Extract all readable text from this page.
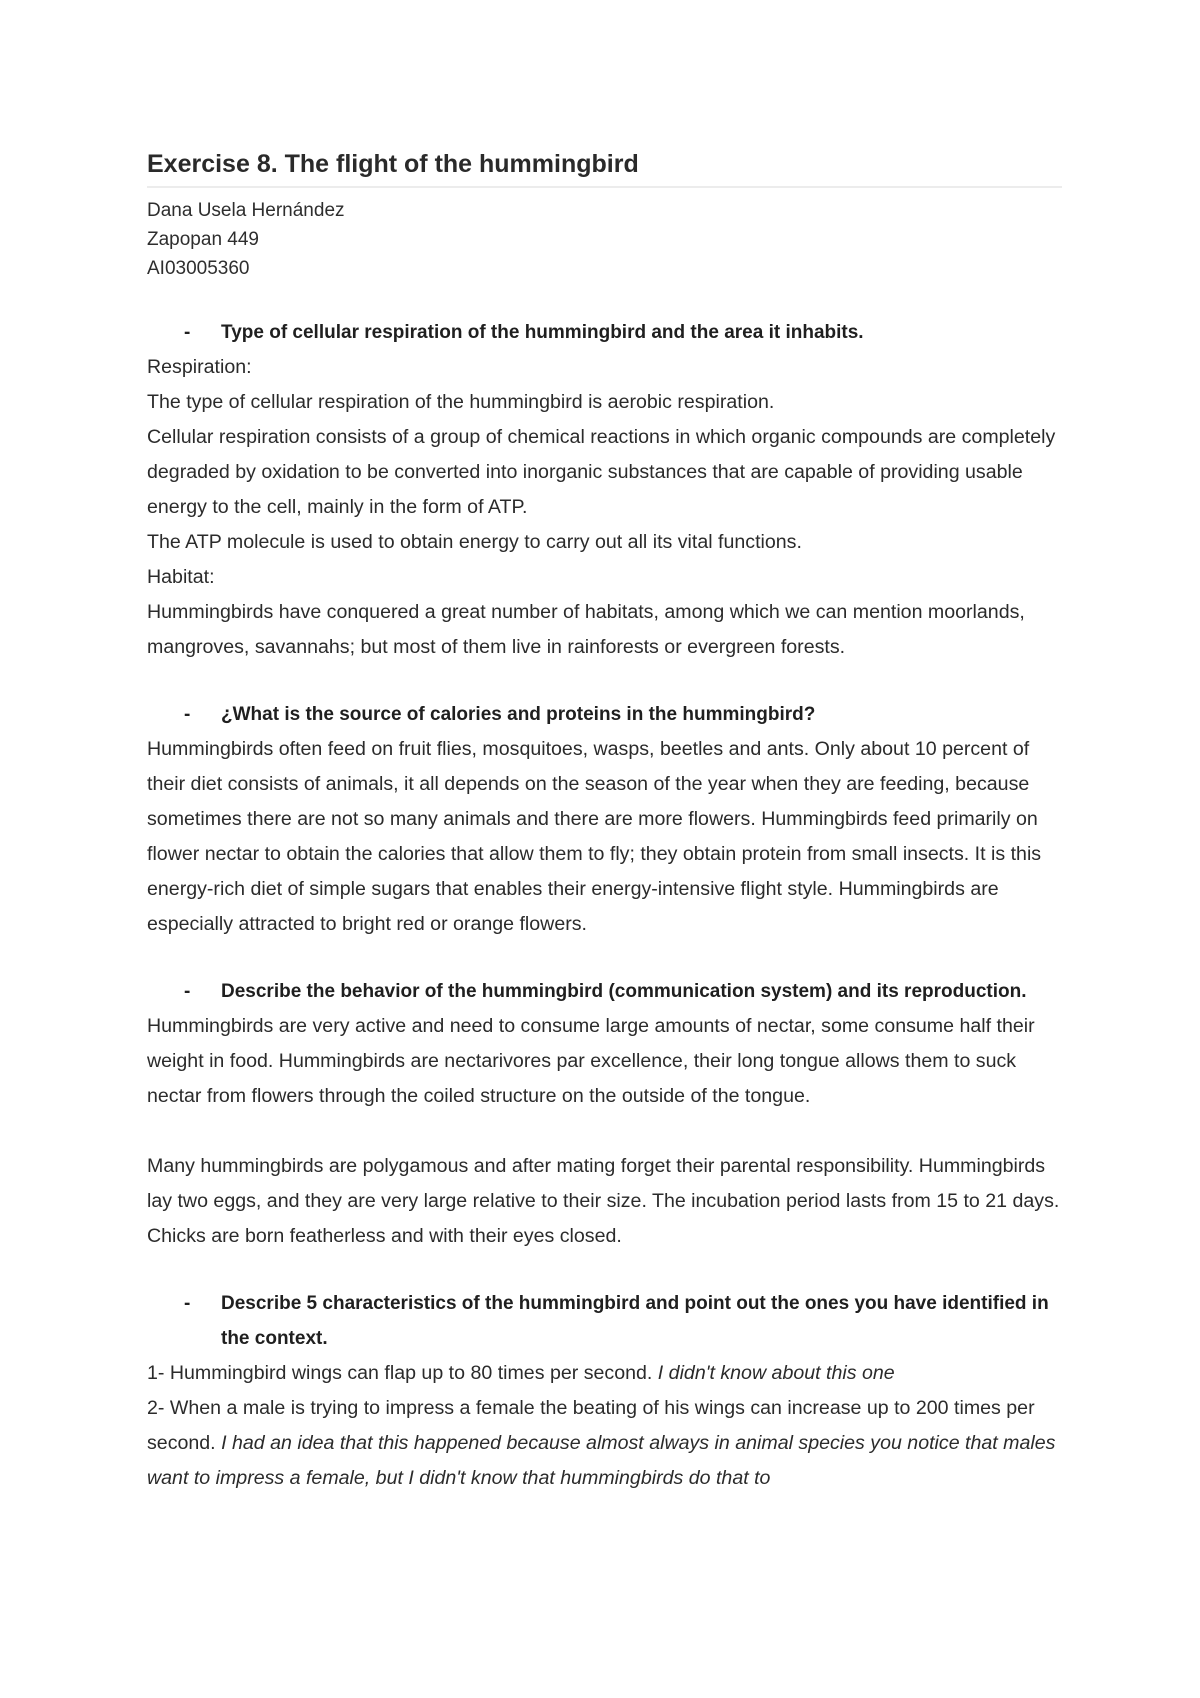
Exercise 8. The flight of the hummingbird
Dana Usela Hernández
Zapopan 449
AI03005360
- Type of cellular respiration of the hummingbird and the area it inhabits.

Respiration:

The type of cellular respiration of the hummingbird is aerobic respiration.

Cellular respiration consists of a group of chemical reactions in which organic compounds are completely degraded by oxidation to be converted into inorganic substances that are capable of providing usable energy to the cell, mainly in the form of ATP.

The ATP molecule is used to obtain energy to carry out all its vital functions.

Habitat:

Hummingbirds have conquered a great number of habitats, among which we can mention moorlands, mangroves, savannahs; but most of them live in rainforests or evergreen forests.

- ¿What is the source of calories and proteins in the hummingbird?

Hummingbirds often feed on fruit flies, mosquitoes, wasps, beetles and ants. Only about 10 percent of their diet consists of animals, it all depends on the season of the year when they are feeding, because sometimes there are not so many animals and there are more flowers. Hummingbirds feed primarily on flower nectar to obtain the calories that allow them to fly; they obtain protein from small insects. It is this energy-rich diet of simple sugars that enables their energy-intensive flight style. Hummingbirds are especially attracted to bright red or orange flowers.

- Describe the behavior of the hummingbird (communication system) and its reproduction.

Hummingbirds are very active and need to consume large amounts of nectar, some consume half their weight in food. Hummingbirds are nectarivores par excellence, their long tongue allows them to suck nectar from flowers through the coiled structure on the outside of the tongue.

Many hummingbirds are polygamous and after mating forget their parental responsibility. Hummingbirds lay two eggs, and they are very large relative to their size. The incubation period lasts from 15 to 21 days. Chicks are born featherless and with their eyes closed.

- Describe 5 characteristics of the hummingbird and point out the ones you have identified in the context.

1- Hummingbird wings can flap up to 80 times per second. I didn't know about this one

2- When a male is trying to impress a female the beating of his wings can increase up to 200 times per second. I had an idea that this happened because almost always in animal species you notice that males want to impress a female, but I didn't know that hummingbirds do that to
